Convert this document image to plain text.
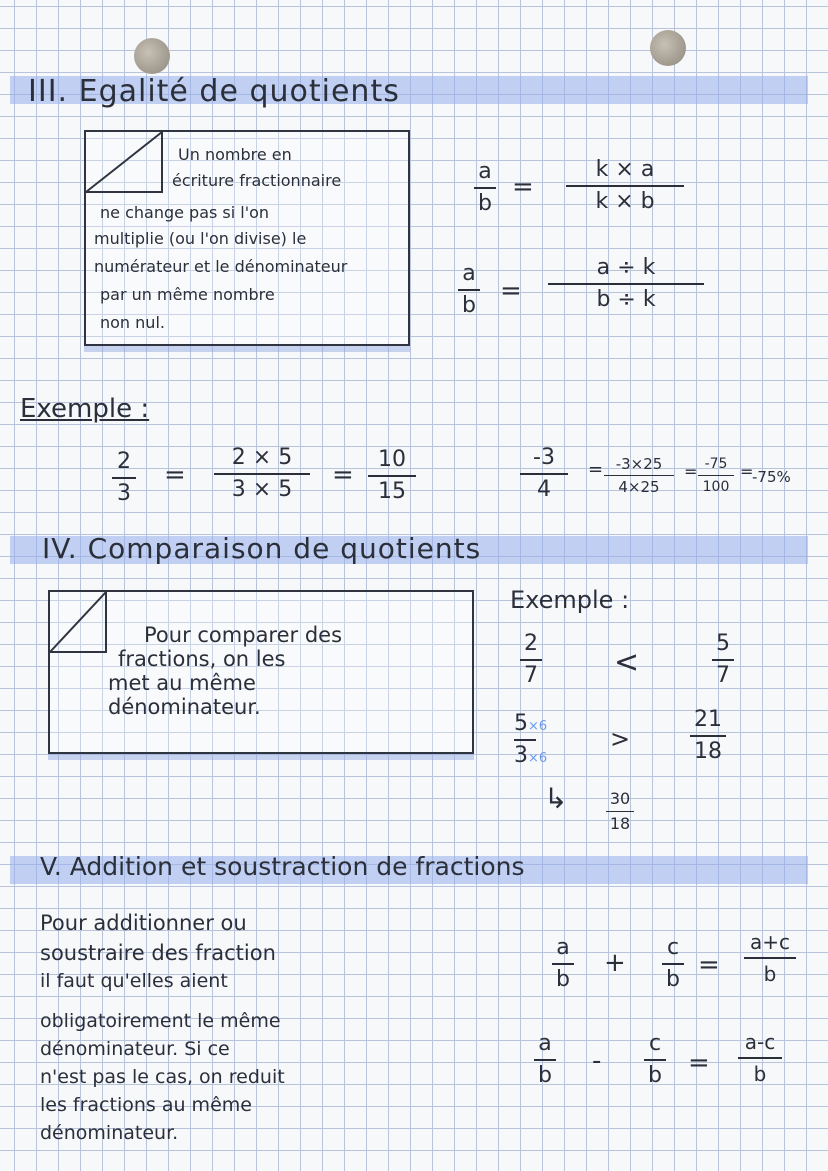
III. Egalité de quotients
Un nombre en
écriture fractionnaire
ne change pas si l'on
multiplie (ou l'on divise) le
numérateur et le dénominateur
par un même nombre
non nul.
a
b
=
k × a
k × b
a
b =
a ÷ k
b ÷ k
Exemple :
2
3
=
2 × 5
3 × 5 =
10
15
-3
4
= -3×25
4×25
= -75
100
=
-75%
IV. Comparaison de quotients
Pour comparer des
fractions, on les
met au même
dénominateur.
Exemple :
2
7	<
5
7
5×6
3×6
>
21
18
↳	30
18
V. Addition et soustraction de fractions
Pour additionner ou
soustraire des fraction
il faut qu'elles aient
obligatoirement le même
dénominateur. Si ce
n'est pas le cas, on reduit
les fractions au même
dénominateur.
a
b
+
c
b =
a+c
b
a
b -
c
b =
a-c
b
